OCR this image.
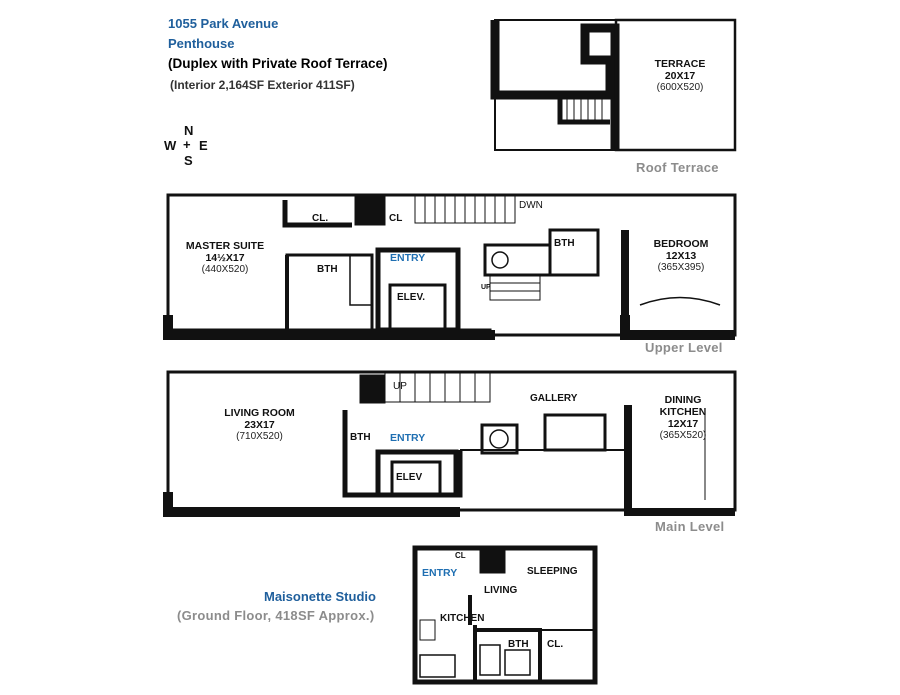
1055 Park Avenue
Penthouse
(Duplex with Private Roof Terrace)
(Interior 2,164SF Exterior 411SF)
N
W + E
S
TERRACE
20X17
(600X520)
Roof Terrace
MASTER SUITE
14½X17
(440X520)
CL.	CL
DWN
BTH
ENTRY
ELEV.
BTH
UP
BEDROOM
12X13
(365X395)
Upper Level
LIVING ROOM
23X17
(710X520)
UP
GALLERY
BTH ENTRY
ELEV
DINING
KITCHEN
12X17
(365X520)
Main Level
Maisonette Studio
(Ground Floor, 418SF Approx.)
CL
ENTRY
LIVING
SLEEPING
KITCHEN
BTH CL.
